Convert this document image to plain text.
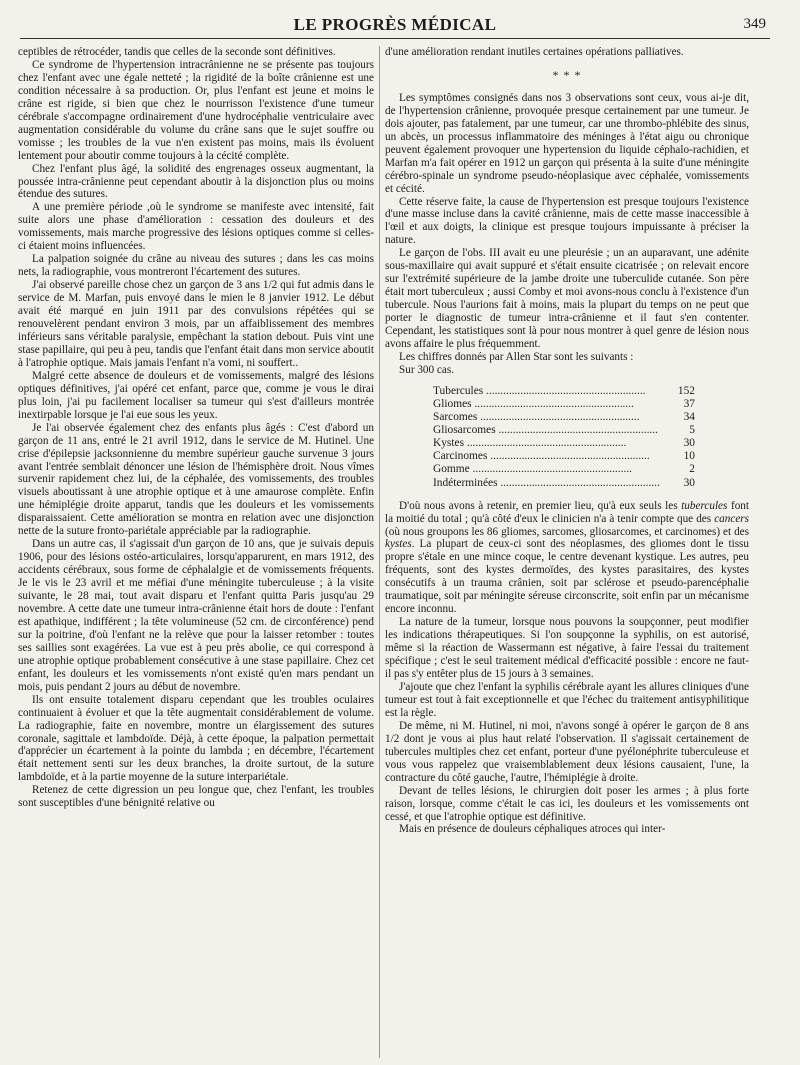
LE PROGRÈS MÉDICAL	349

ceptibles de rétrocéder, tandis que celles de la seconde sont définitives.

Ce syndrome de l'hypertension intracrânienne ne se présente pas toujours chez l'enfant avec une égale netteté ; la rigidité de la boîte crânienne est une condition nécessaire à sa production. Or, plus l'enfant est jeune et moins le crâne est rigide, si bien que chez le nourrisson l'existence d'une tumeur cérébrale s'accompagne ordinairement d'une hydrocéphalie ventriculaire avec augmentation considérable du volume du crâne sans que le sujet souffre ou vomisse ; les troubles de la vue n'en existent pas moins, mais ils évoluent lentement pour aboutir comme toujours à la cécité complète.

Chez l'enfant plus âgé, la solidité des engrenages osseux augmentant, la poussée intra-crânienne peut cependant aboutir à la disjonction plus ou moins étendue des sutures.

A une première période ,où le syndrome se manifeste avec intensité, fait suite alors une phase d'amélioration : cessation des douleurs et des vomissements, mais marche progressive des lésions optiques comme si celles-ci étaient moins influencées.

La palpation soignée du crâne au niveau des sutures ; dans les cas moins nets, la radiographie, vous montreront l'écartement des sutures.

J'ai observé pareille chose chez un garçon de 3 ans 1/2 qui fut admis dans le service de M. Marfan, puis envoyé dans le mien le 8 janvier 1912. Le début avait été marqué en juin 1911 par des convulsions répétées qui se renouvelèrent pendant environ 3 mois, par un affaiblissement des membres inférieurs sans véritable paralysie, empêchant la station debout. Puis vint une stase papillaire, qui peu à peu, tandis que l'enfant était dans mon service aboutit à l'atrophie optique. Mais jamais l'enfant n'a vomi, ni souffert..

Malgré cette absence de douleurs et de vomissements, malgré des lésions optiques définitives, j'ai opéré cet enfant, parce que, comme je vous le dirai plus loin, j'ai pu facilement localiser sa tumeur qui s'est d'ailleurs montrée inextirpable lorsque je l'ai eue sous les yeux.

Je l'ai observée également chez des enfants plus âgés : C'est d'abord un garçon de 11 ans, entré le 21 avril 1912, dans le service de M. Hutinel. Une crise d'épilepsie jacksonnienne du membre supérieur gauche survenue 3 jours avant l'entrée semblait dénoncer une lésion de l'hémisphère droit. Nous vîmes survenir rapidement chez lui, de la céphalée, des vomissements, des troubles visuels aboutissant à une atrophie optique et à une amaurose complète. Enfin une hémiplégie droite apparut, tandis que les douleurs et les vomissements disparaissaient. Cette amélioration se montra en relation avec une disjonction nette de la suture fronto-pariétale appréciable par la radiographie.

Dans un autre cas, il s'agissait d'un garçon de 10 ans, que je suivais depuis 1906, pour des lésions ostéo-articulaires, lorsqu'apparurent, en mars 1912, des accidents cérébraux, sous forme de céphalalgie et de vomissements fréquents. Je le vis le 23 avril et me méfiai d'une méningite tuberculeuse ; à la visite suivante, le 28 mai, tout avait disparu et l'enfant quitta Paris jusqu'au 29 novembre. A cette date une tumeur intra-crânienne était hors de doute : l'enfant est apathique, indifférent ; la tête volumineuse (52 cm. de circonférence) pend sur la poitrine, d'où l'enfant ne la relève que pour la laisser retomber : toutes ses saillies sont exagérées. La vue est à peu près abolie, ce qui correspond à une atrophie optique probablement consécutive à une stase papillaire. Chez cet enfant, les douleurs et les vomissements n'ont existé qu'en mars pendant un mois, puis pendant 2 jours au début de novembre.

Ils ont ensuite totalement disparu cependant que les troubles oculaires continuaient à évoluer et que la tête augmentait considérablement de volume. La radiographie, faite en novembre, montre un élargissement des sutures coronale, sagittale et lambdoïde. Déjà, à cette époque, la palpation permettait d'apprécier un écartement à la pointe du lambda ; en décembre, l'écartement était nettement senti sur les deux branches, la droite surtout, de la suture lambdoïde, et à la partie moyenne de la suture interpariétale.

Retenez de cette digression un peu longue que, chez l'enfant, les troubles sont susceptibles d'une bénignité relative ou

d'une amélioration rendant inutiles certaines opérations palliatives.

* * *

Les symptômes consignés dans nos 3 observations sont ceux, vous ai-je dit, de l'hypertension crânienne, provoquée presque certainement par une tumeur. Je dois ajouter, pas fatalement, par une tumeur, car une thrombo-phlébite des sinus, un abcès, un processus inflammatoire des méninges à l'état aigu ou chronique peuvent également provoquer une hypertension du liquide céphalo-rachidien, et Marfan m'a fait opérer en 1912 un garçon qui présenta à la suite d'une méningite cérébro-spinale un syndrome pseudo-néoplasique avec céphalée, vomissements et cécité.

Cette réserve faite, la cause de l'hypertension est presque toujours l'existence d'une masse incluse dans la cavité crânienne, mais de cette masse inaccessible à l'œil et aux doigts, la clinique est presque toujours impuissante à préciser la nature.

Le garçon de l'obs. III avait eu une pleurésie ; un an auparavant, une adénite sous-maxillaire qui avait suppuré et s'était ensuite cicatrisée ; on relevait encore sur l'extrémité supérieure de la jambe droite une tuberculide cutanée. Son père était mort tuberculeux ; aussi Comby et moi avons-nous conclu à l'existence d'un tubercule. Nous l'aurions fait à moins, mais la plupart du temps on ne peut que porter le diagnostic de tumeur intra-crânienne et il faut s'en contenter. Cependant, les statistiques sont là pour nous montrer à quel genre de lésion nous avons affaire le plus fréquemment.

Les chiffres donnés par Allen Star sont les suivants :

Sur 300 cas.

Tubercules .....	152
Gliomes .....	37
Sarcomes .....	34
Gliosarcomes .....	5
Kystes .....	30
Carcinomes .....	10
Gomme .....	2
Indéterminées .....	30

D'où nous avons à retenir, en premier lieu, qu'à eux seuls les tubercules font la moitié du total ; qu'à côté d'eux le clinicien n'a à tenir compte que des cancers (où nous groupons les 86 gliomes, sarcomes, gliosarcomes, et carcinomes) et des kystes. La plupart de ceux-ci sont des néoplasmes, des gliomes dont le tissu propre s'étale en une mince coque, le centre devenant kystique. Les autres, peu fréquents, sont des kystes dermoïdes, des kystes parasitaires, des kystes consécutifs à un trauma crânien, soit par sclérose et pseudo-parencéphalie traumatique, soit par méningite séreuse circonscrite, soit enfin par un mécanisme encore inconnu.

La nature de la tumeur, lorsque nous pouvons la soupçonner, peut modifier les indications thérapeutiques. Si l'on soupçonne la syphilis, on est autorisé, même si la réaction de Wassermann est négative, à faire l'essai du traitement spécifique ; c'est le seul traitement médical d'efficacité possible : encore ne faut-il pas s'y entêter plus de 15 jours à 3 semaines.

J'ajoute que chez l'enfant la syphilis cérébrale ayant les allures cliniques d'une tumeur est tout à fait exceptionnelle et que l'échec du traitement antisyphilitique est la règle.

De même, ni M. Hutinel, ni moi, n'avons songé à opérer le garçon de 8 ans 1/2 dont je vous ai plus haut relaté l'observation. Il s'agissait certainement de tubercules multiples chez cet enfant, porteur d'une pyélonéphrite tuberculeuse et vous vous rappelez que vraisemblablement deux lésions causaient, l'une, la contracture du côté gauche, l'autre, l'hémiplégie à droite.

Devant de telles lésions, le chirurgien doit poser les armes ; à plus forte raison, lorsque, comme c'était le cas ici, les douleurs et les vomissements ont cessé, et que l'atrophie optique est définitive.

Mais en présence de douleurs céphaliques atroces qui inter-
